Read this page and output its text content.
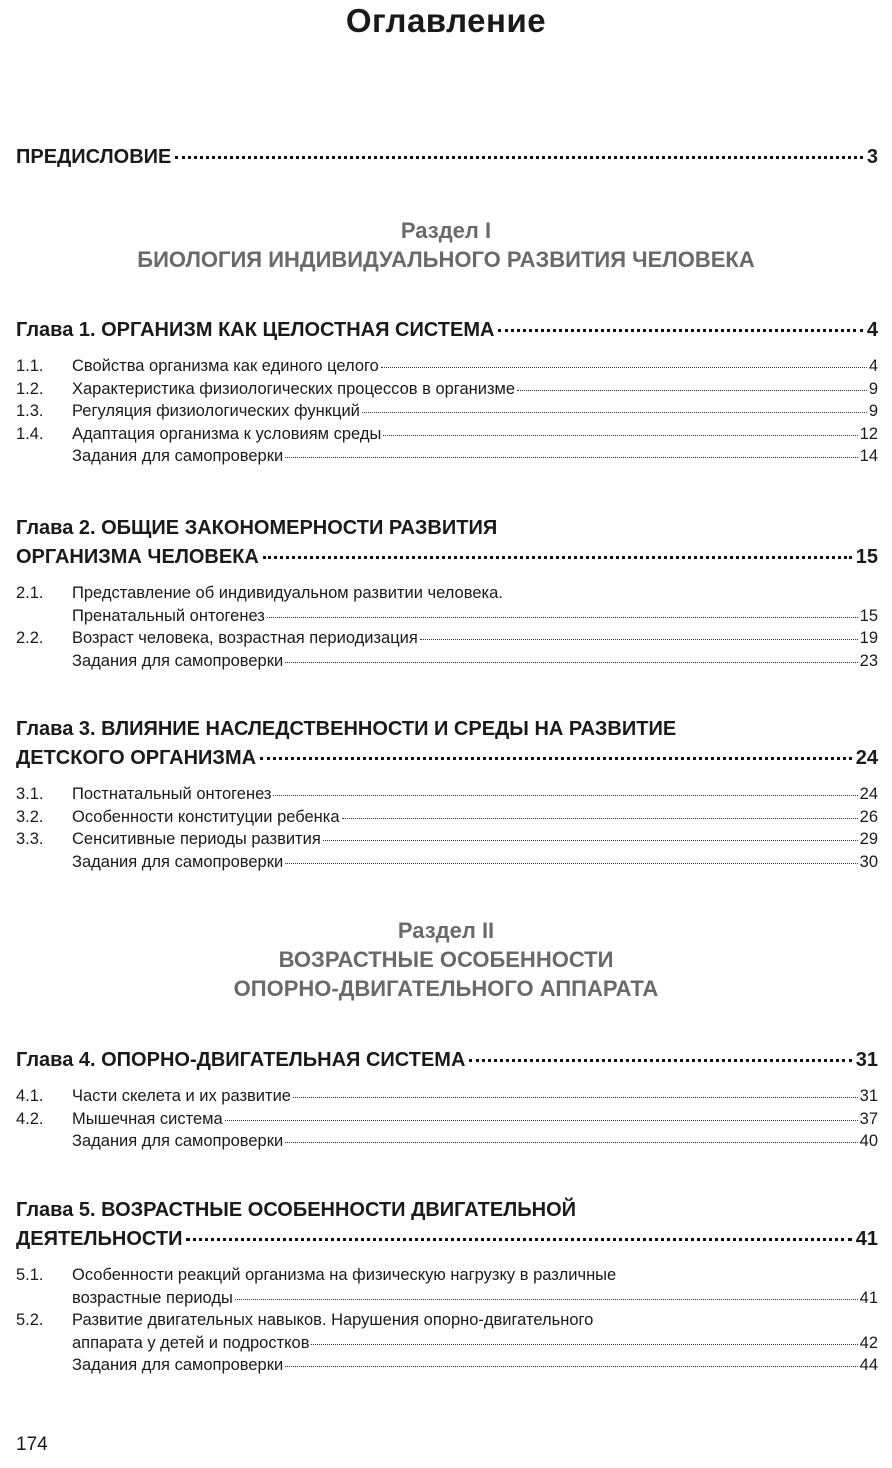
Оглавление
ПРЕДИСЛОВИЕ	3
Раздел I
БИОЛОГИЯ ИНДИВИДУАЛЬНОГО РАЗВИТИЯ ЧЕЛОВЕКА
Глава 1. ОРГАНИЗМ КАК ЦЕЛОСТНАЯ СИСТЕМА	4
1.1. Свойства организма как единого целого	4
1.2. Характеристика физиологических процессов в организме	9
1.3. Регуляция физиологических функций	9
1.4. Адаптация организма к условиям среды	12
Задания для самопроверки	14
Глава 2. ОБЩИЕ ЗАКОНОМЕРНОСТИ РАЗВИТИЯ
ОРГАНИЗМА ЧЕЛОВЕКА	15
2.1. Представление об индивидуальном развитии человека.
Пренатальный онтогенез	15
2.2. Возраст человека, возрастная периодизация	19
Задания для самопроверки	23
Глава 3. ВЛИЯНИЕ НАСЛЕДСТВЕННОСТИ И СРЕДЫ НА РАЗВИТИЕ
ДЕТСКОГО ОРГАНИЗМА	24
3.1. Постнатальный онтогенез	24
3.2. Особенности конституции ребенка	26
3.3. Сенситивные периоды развития	29
Задания для самопроверки	30
Раздел II
ВОЗРАСТНЫЕ ОСОБЕННОСТИ
ОПОРНО-ДВИГАТЕЛЬНОГО АППАРАТА
Глава 4. ОПОРНО-ДВИГАТЕЛЬНАЯ СИСТЕМА	31
4.1. Части скелета и их развитие	31
4.2. Мышечная система	37
Задания для самопроверки	40
Глава 5. ВОЗРАСТНЫЕ ОСОБЕННОСТИ ДВИГАТЕЛЬНОЙ
ДЕЯТЕЛЬНОСТИ	41
5.1. Особенности реакций организма на физическую нагрузку в различные
возрастные периоды	41
5.2. Развитие двигательных навыков. Нарушения опорно-двигательного
аппарата у детей и подростков	42
Задания для самопроверки	44
174
